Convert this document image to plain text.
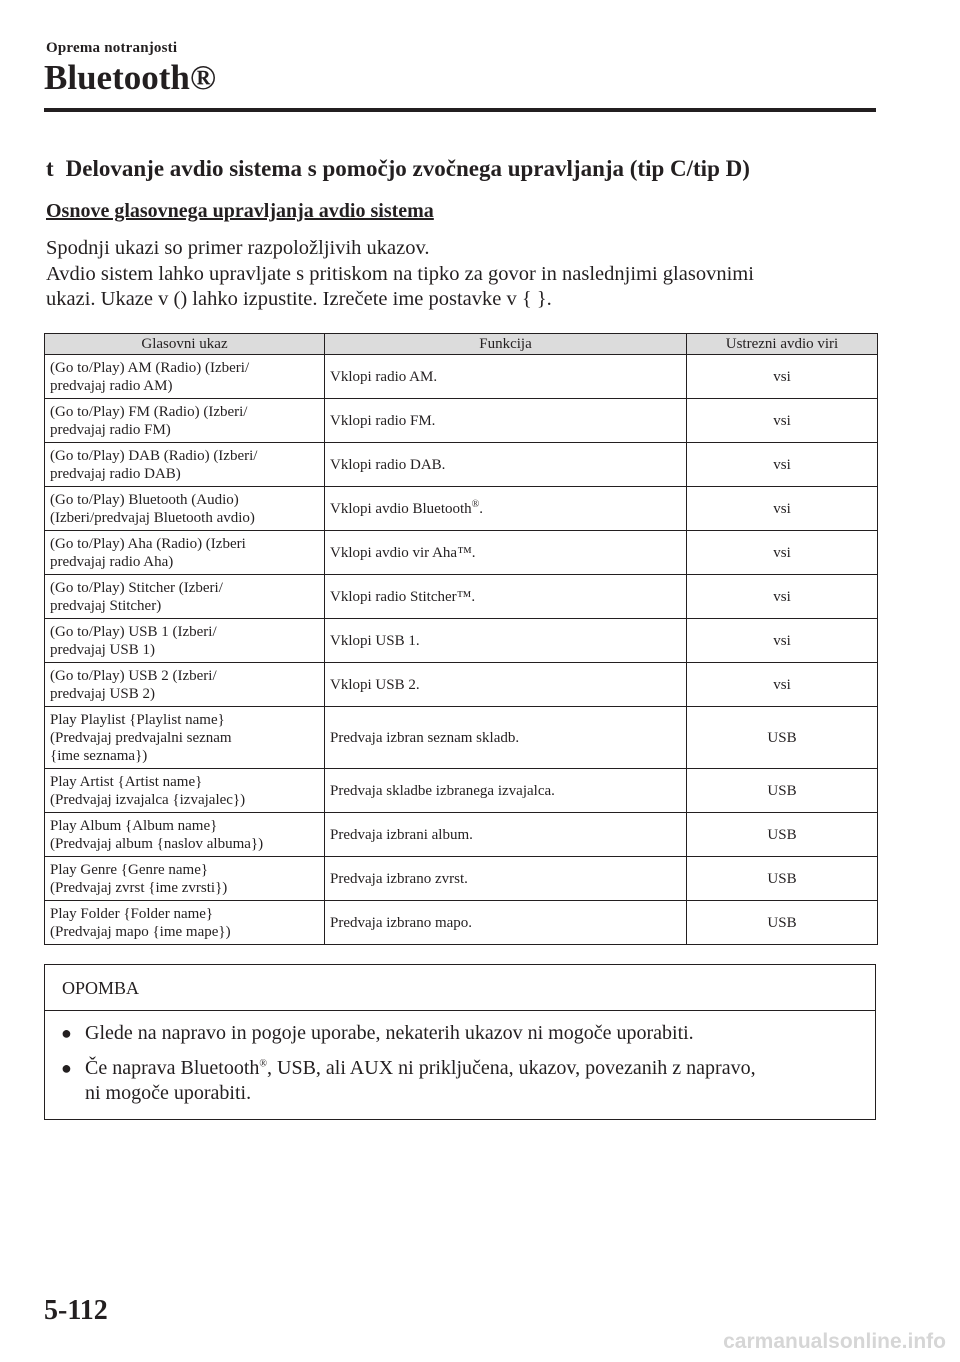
Oprema notranjosti
Bluetooth®
t Delovanje avdio sistema s pomočjo zvočnega upravljanja (tip C/tip D)
Osnove glasovnega upravljanja avdio sistema
Spodnji ukazi so primer razpoložljivih ukazov.
Avdio sistem lahko upravljate s pritiskom na tipko za govor in naslednjimi glasovnimi
ukazi. Ukaze v () lahko izpustite. Izrečete ime postavke v { }.
Glasovni ukaz	Funkcija	Ustrezni avdio viri
(Go to/Play) AM (Radio) (Izberi/
predvajaj radio AM)	Vklopi radio AM.	vsi
(Go to/Play) FM (Radio) (Izberi/
predvajaj radio FM)	Vklopi radio FM.	vsi
(Go to/Play) DAB (Radio) (Izberi/
predvajaj radio DAB)	Vklopi radio DAB.	vsi
(Go to/Play) Bluetooth (Audio)
(Izberi/predvajaj Bluetooth avdio)	Vklopi avdio Bluetooth®.	vsi
(Go to/Play) Aha (Radio) (Izberi
predvajaj radio Aha)	Vklopi avdio vir Aha™.	vsi
(Go to/Play) Stitcher (Izberi/
predvajaj Stitcher)	Vklopi radio Stitcher™.	vsi
(Go to/Play) USB 1 (Izberi/
predvajaj USB 1)	Vklopi USB 1.	vsi
(Go to/Play) USB 2 (Izberi/
predvajaj USB 2)	Vklopi USB 2.	vsi
Play Playlist {Playlist name}
(Predvajaj predvajalni seznam
{ime seznama})	Predvaja izbran seznam skladb.	USB
Play Artist {Artist name}
(Predvajaj izvajalca {izvajalec})	Predvaja skladbe izbranega izvajalca.	USB
Play Album {Album name}
(Predvajaj album {naslov albuma})	Predvaja izbrani album.	USB
Play Genre {Genre name}
(Predvajaj zvrst {ime zvrsti})	Predvaja izbrano zvrst.	USB
Play Folder {Folder name}
(Predvajaj mapo {ime mape})	Predvaja izbrano mapo.	USB
OPOMBA
● Glede na napravo in pogoje uporabe, nekaterih ukazov ni mogoče uporabiti.
● Če naprava Bluetooth®, USB, ali AUX ni priključena, ukazov, povezanih z napravo,
ni mogoče uporabiti.
5-112
carmanualsonline.info
